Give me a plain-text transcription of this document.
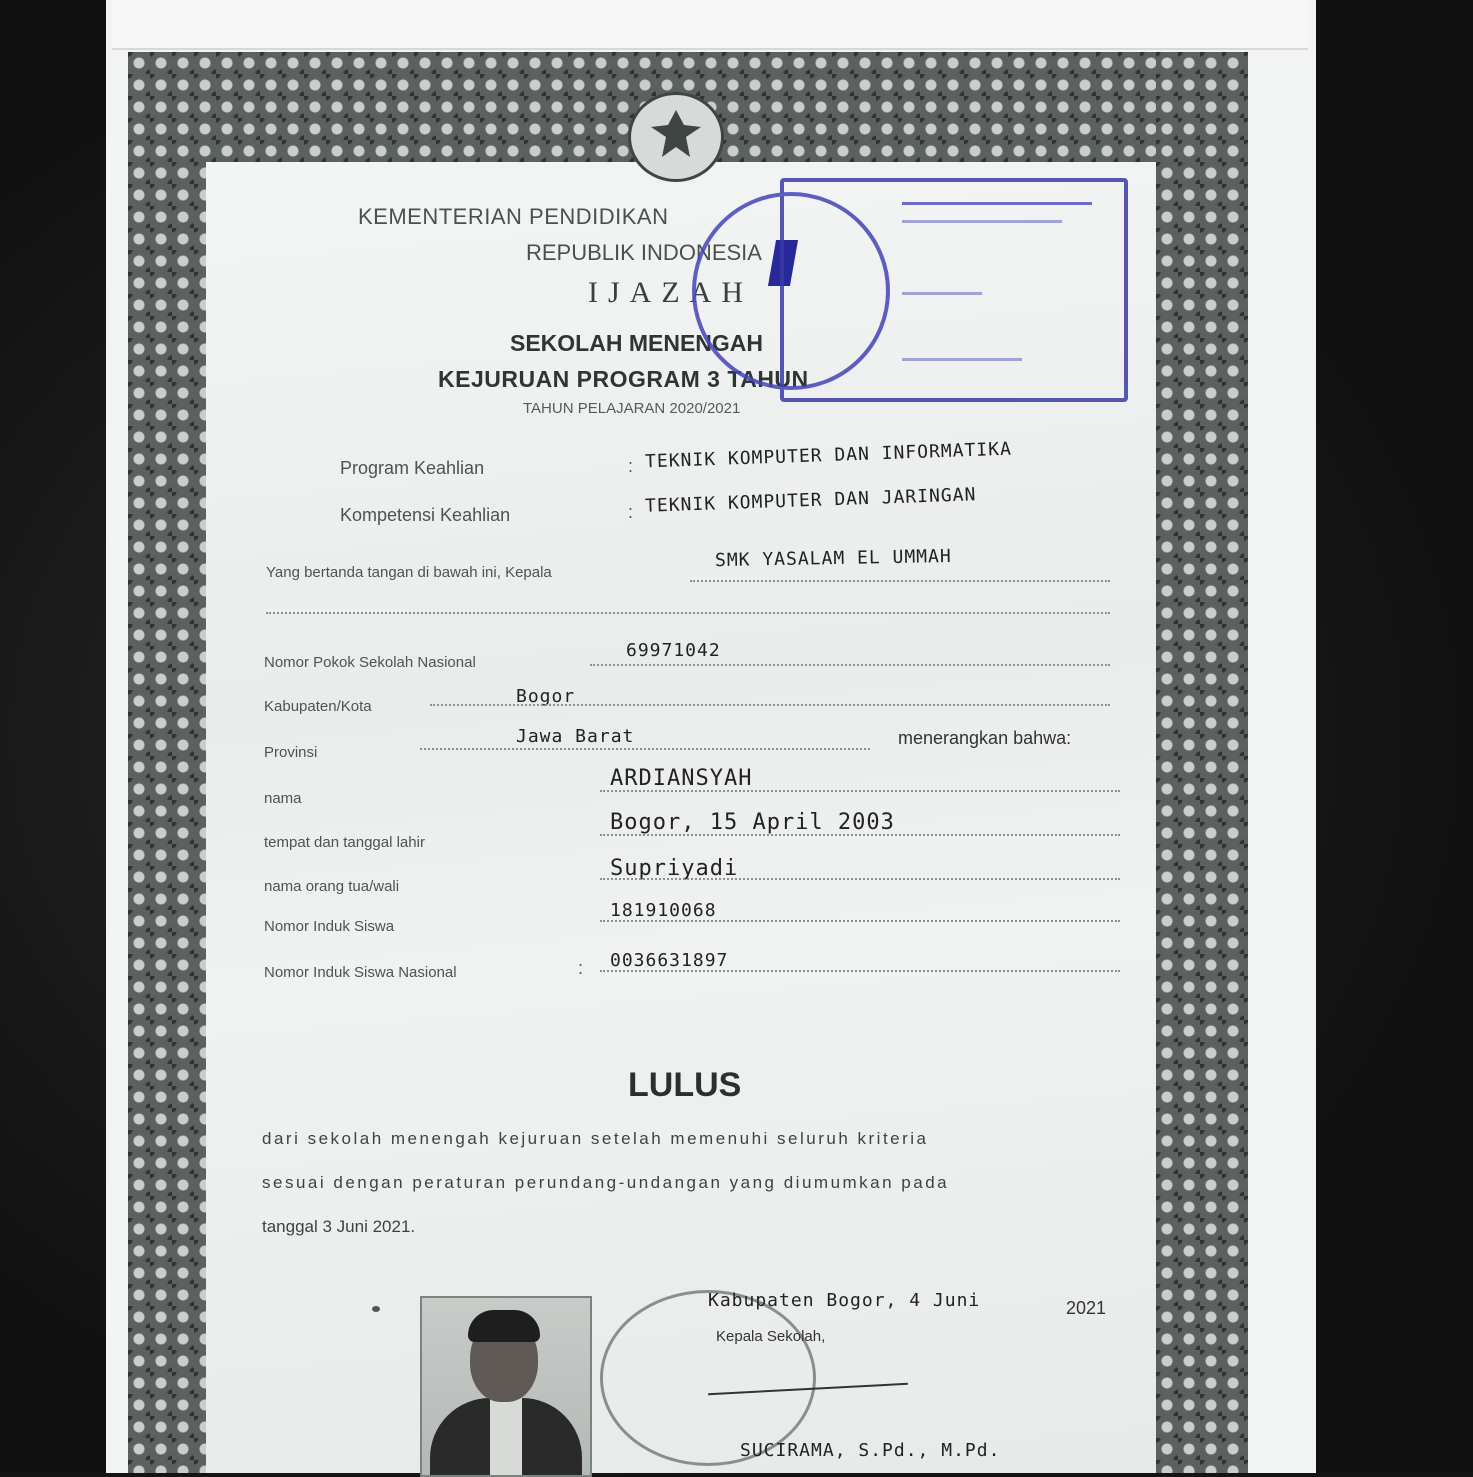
KEMENTERIAN PENDIDIKAN
REPUBLIK INDONESIA
IJAZAH
SEKOLAH MENENGAH
KEJURUAN PROGRAM 3 TAHUN
TAHUN PELAJARAN 2020/2021
Program Keahlian	: TEKNIK KOMPUTER DAN INFORMATIKA
Kompetensi Keahlian	: TEKNIK KOMPUTER DAN JARINGAN
Yang bertanda tangan di bawah ini, Kepala
SMK YASALAM EL UMMAH
Nomor Pokok Sekolah Nasional
69971042
Kabupaten/Kota	Bogor
Provinsi
Jawa Barat	menerangkan bahwa:
nama
ARDIANSYAH
tempat dan tanggal lahir
Bogor, 15 April 2003
nama orang tua/wali
Supriyadi
Nomor Induk Siswa
181910068
Nomor Induk Siswa Nasional	: 0036631897
LULUS
dari sekolah menengah kejuruan setelah memenuhi seluruh kriteria
sesuai dengan peraturan perundang-undangan yang diumumkan pada
tanggal 3 Juni 2021.
Kabupaten Bogor, 4 Juni	2021
Kepala Sekolah,
SUCIRAMA, S.Pd., M.Pd.
